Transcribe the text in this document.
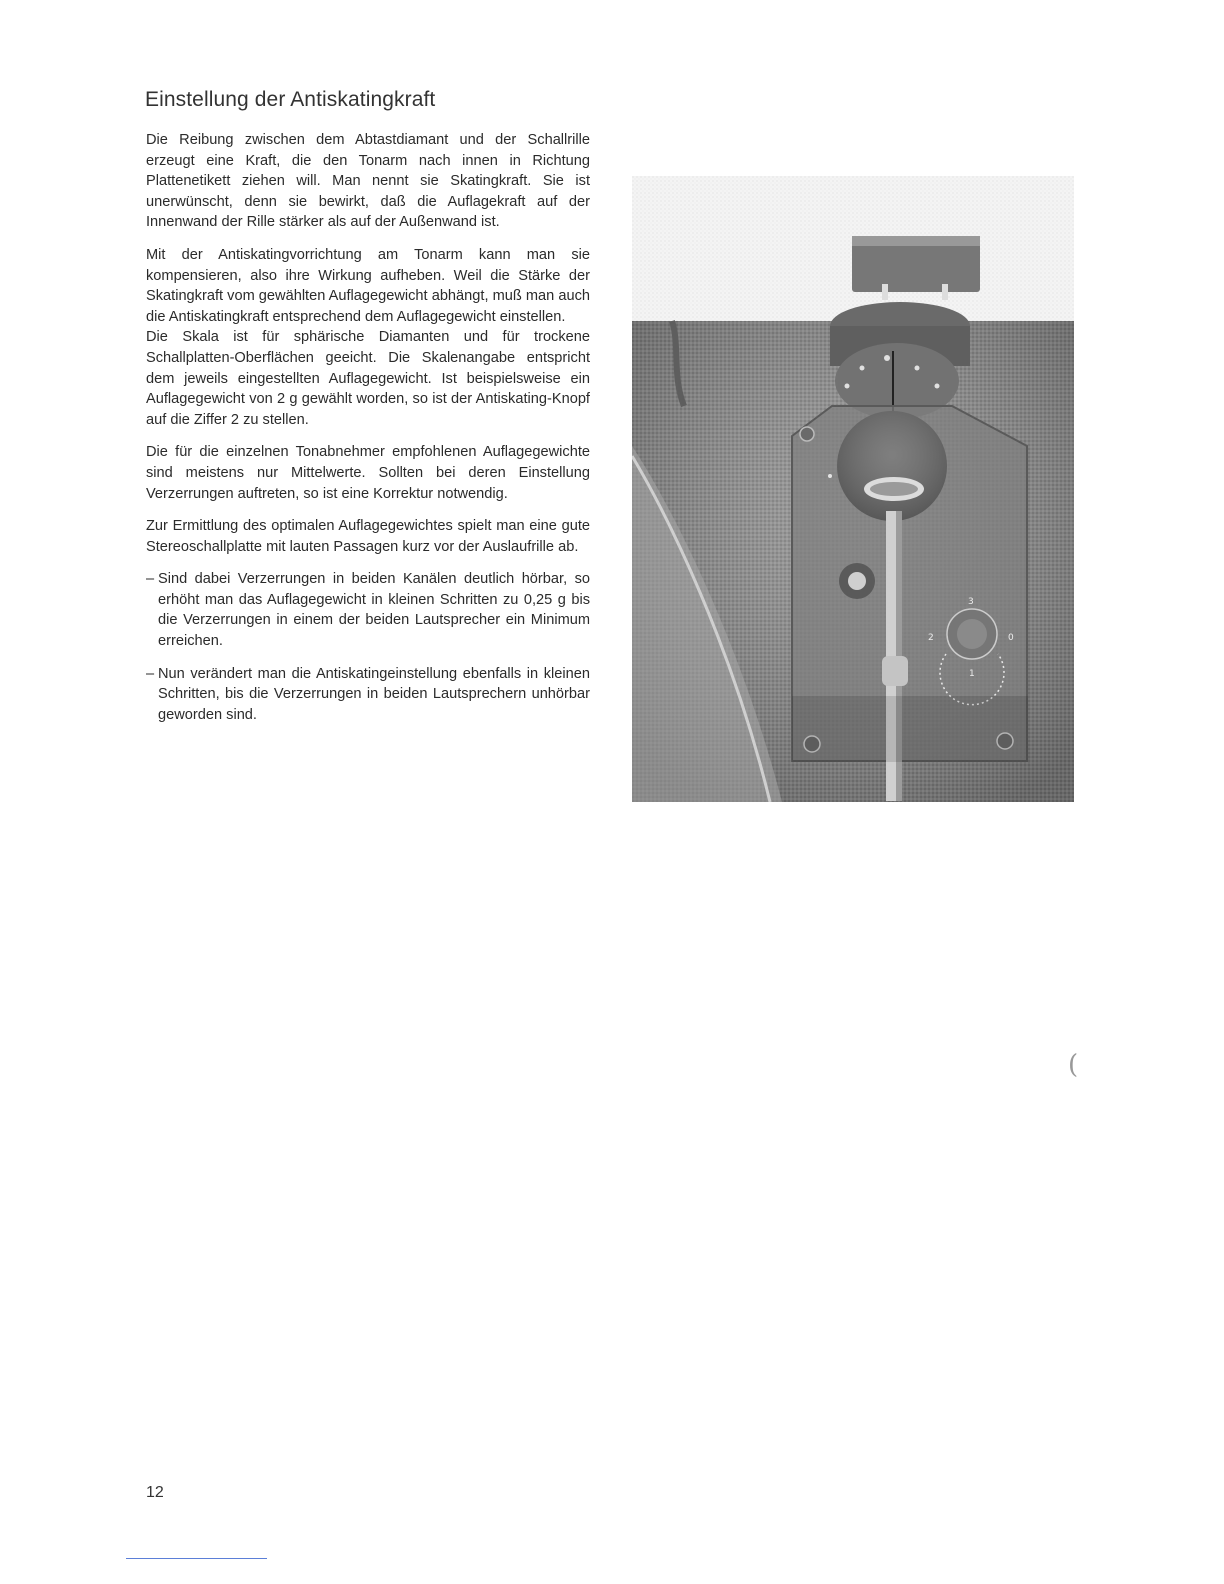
Einstellung der Antiskatingkraft

Die Reibung zwischen dem Abtastdiamant und der Schallrille erzeugt eine Kraft, die den Tonarm nach innen in Richtung Plattenetikett ziehen will. Man nennt sie Skatingkraft. Sie ist unerwünscht, denn sie bewirkt, daß die Auflagekraft auf der Innenwand der Rille stärker als auf der Außenwand ist.

Mit der Antiskatingvorrichtung am Tonarm kann man sie kompensieren, also ihre Wirkung aufheben. Weil die Stärke der Skatingkraft vom gewählten Auflagegewicht abhängt, muß man auch die Antiskatingkraft entsprechend dem Auflagegewicht einstellen.

Die Skala ist für sphärische Diamanten und für trockene Schallplatten-Oberflächen geeicht. Die Skalenangabe entspricht dem jeweils eingestellten Auflagegewicht. Ist beispielsweise ein Auflagegewicht von 2 g gewählt worden, so ist der Antiskating-Knopf auf die Ziffer 2 zu stellen.

Die für die einzelnen Tonabnehmer empfohlenen Auflagegewichte sind meistens nur Mittelwerte. Sollten bei deren Einstellung Verzerrungen auftreten, so ist eine Korrektur notwendig.

Zur Ermittlung des optimalen Auflagegewichtes spielt man eine gute Stereoschallplatte mit lauten Passagen kurz vor der Auslaufrille ab.

– Sind dabei Verzerrungen in beiden Kanälen deutlich hörbar, so erhöht man das Auflagegewicht in kleinen Schritten zu 0,25 g bis die Verzerrungen in einem der beiden Lautsprecher ein Minimum erreichen.
– Nun verändert man die Antiskatingeinstellung ebenfalls in kleinen Schritten, bis die Verzerrungen in beiden Lautsprechern unhörbar geworden sind.
3
2	0
1
(
12
